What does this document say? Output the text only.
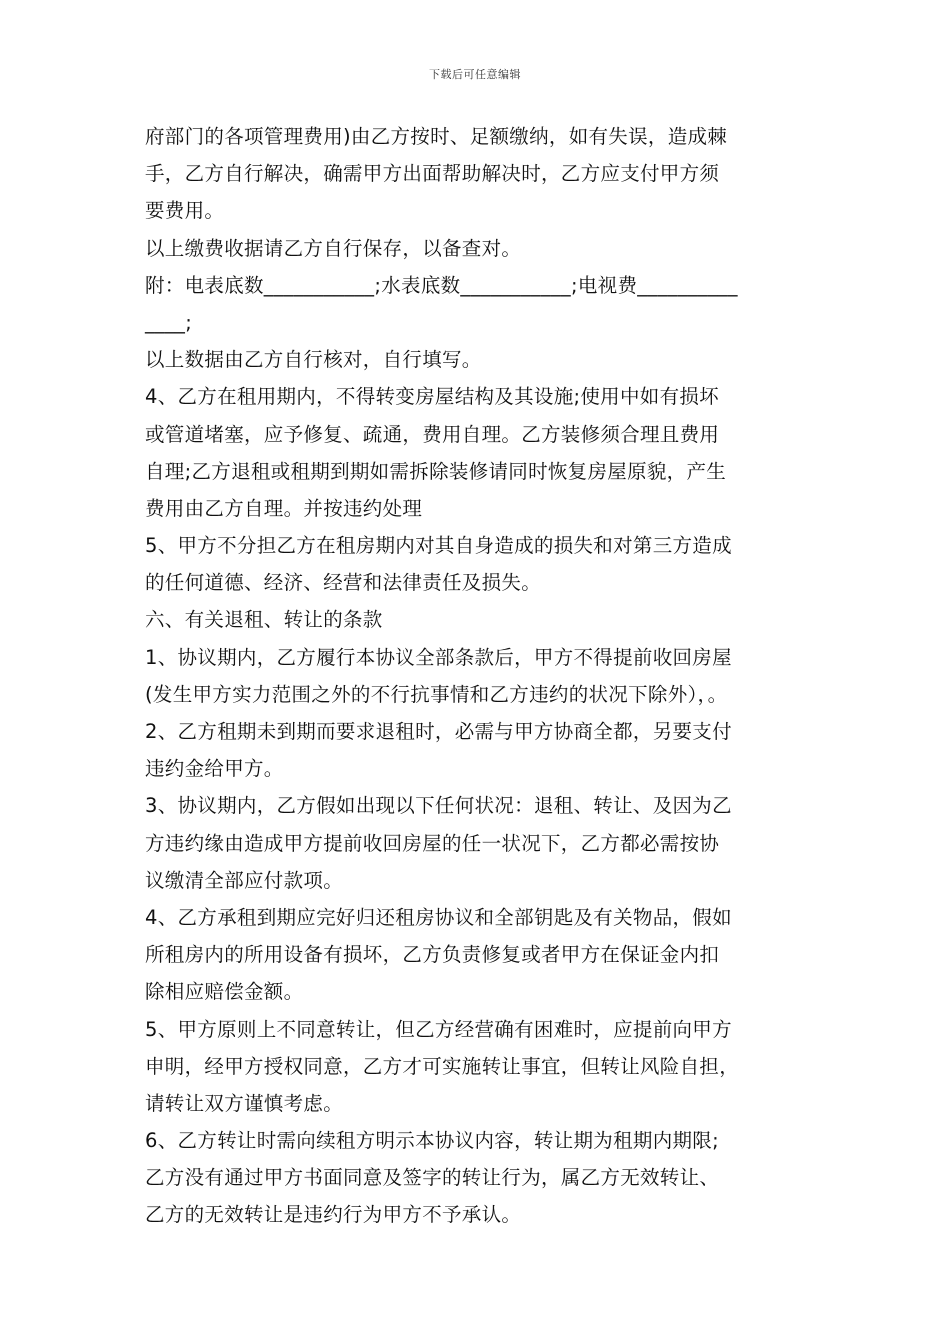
下载后可任意编辑
府部门的各项管理费用)由乙方按时、足额缴纳，如有失误，造成棘
手，乙方自行解决，确需甲方出面帮助解决时，乙方应支付甲方须
要费用。
以上缴费收据请乙方自行保存，以备查对。
附：电表底数___________;水表底数___________;电视费__________
____;
以上数据由乙方自行核对，自行填写。
4、乙方在租用期内，不得转变房屋结构及其设施;使用中如有损坏
或管道堵塞，应予修复、疏通，费用自理。乙方装修须合理且费用
自理;乙方退租或租期到期如需拆除装修请同时恢复房屋原貌，产生
费用由乙方自理。并按违约处理
5、甲方不分担乙方在租房期内对其自身造成的损失和对第三方造成
的任何道德、经济、经营和法律责任及损失。
六、有关退租、转让的条款
1、协议期内，乙方履行本协议全部条款后，甲方不得提前收回房屋
(发生甲方实力范围之外的不行抗事情和乙方违约的状况下除外），。
2、乙方租期未到期而要求退租时，必需与甲方协商全都，另要支付
违约金给甲方。
3、协议期内，乙方假如出现以下任何状况：退租、转让、及因为乙
方违约缘由造成甲方提前收回房屋的任一状况下，乙方都必需按协
议缴清全部应付款项。
4、乙方承租到期应完好归还租房协议和全部钥匙及有关物品，假如
所租房内的所用设备有损坏，乙方负责修复或者甲方在保证金内扣
除相应赔偿金额。
5、甲方原则上不同意转让，但乙方经营确有困难时，应提前向甲方
申明，经甲方授权同意，乙方才可实施转让事宜，但转让风险自担，
请转让双方谨慎考虑。
6、乙方转让时需向续租方明示本协议内容，转让期为租期内期限;
乙方没有通过甲方书面同意及签字的转让行为，属乙方无效转让、
乙方的无效转让是违约行为甲方不予承认。
